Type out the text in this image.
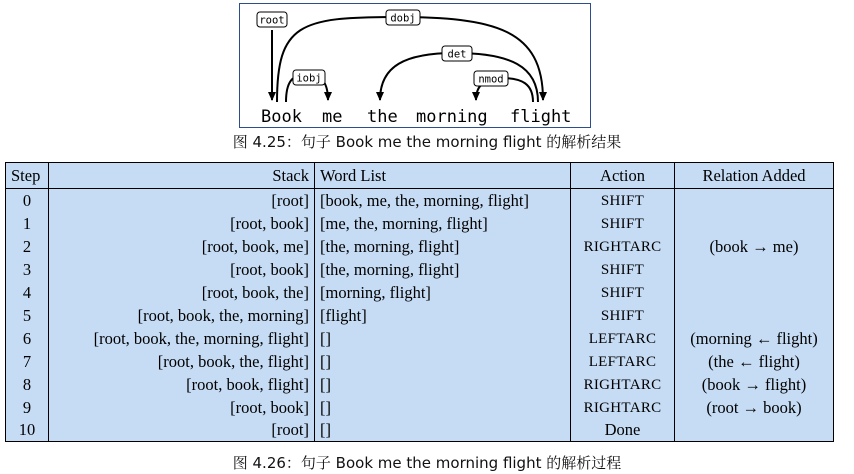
root	dobj
iobj
det
nmod
Book me the morning flight
图 4.25：句子 Book me the morning flight 的解析结果
Step	Stack	Word List	Action	Relation Added
0	[root]	[book, me, the, morning, flight]	SHIFT	
1	[root, book]	[me, the, morning, flight]	SHIFT	
2	[root, book, me]	[the, morning, flight]	RIGHTARC	(book → me)
3	[root, book]	[the, morning, flight]	SHIFT	
4	[root, book, the]	[morning, flight]	SHIFT	
5	[root, book, the, morning]	[flight]	SHIFT	
6	[root, book, the, morning, flight]	[]	LEFTARC	(morning ← flight)
7	[root, book, the, flight]	[]	LEFTARC	(the ← flight)
8	[root, book, flight]	[]	RIGHTARC	(book → flight)
9	[root, book]	[]	RIGHTARC	(root → book)
10	[root]	[]	Done	
图 4.26：句子 Book me the morning flight 的解析过程
